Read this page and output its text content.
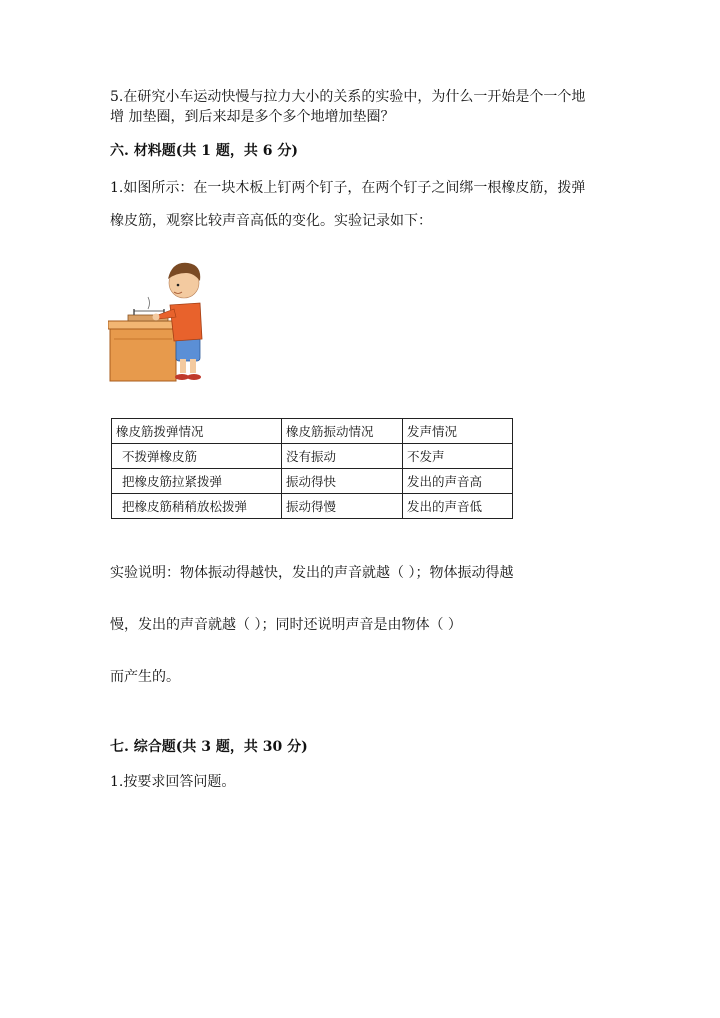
5.在研究小车运动快慢与拉力大小的关系的实验中，为什么一开始是个一个地
增 加垫圈，到后来却是多个多个地增加垫圈？
六. 材料题(共 1 题，共 6 分)
1.如图所示：在一块木板上钉两个钉子，在两个钉子之间绑一根橡皮筋，拨弹
橡皮筋，观察比较声音高低的变化。实验记录如下：
橡皮筋拨弹情况	橡皮筋振动情况	发声情况
不拨弹橡皮筋	没有振动	不发声
把橡皮筋拉紧拨弹	振动得快	发出的声音高
把橡皮筋稍稍放松拨弹	振动得慢	发出的声音低
实验说明：物体振动得越快，发出的声音就越（ ）；物体振动得越
慢，发出的声音就越（ ）；同时还说明声音是由物体（ ）
而产生的。
七. 综合题(共 3 题，共 30 分)
1.按要求回答问题。
